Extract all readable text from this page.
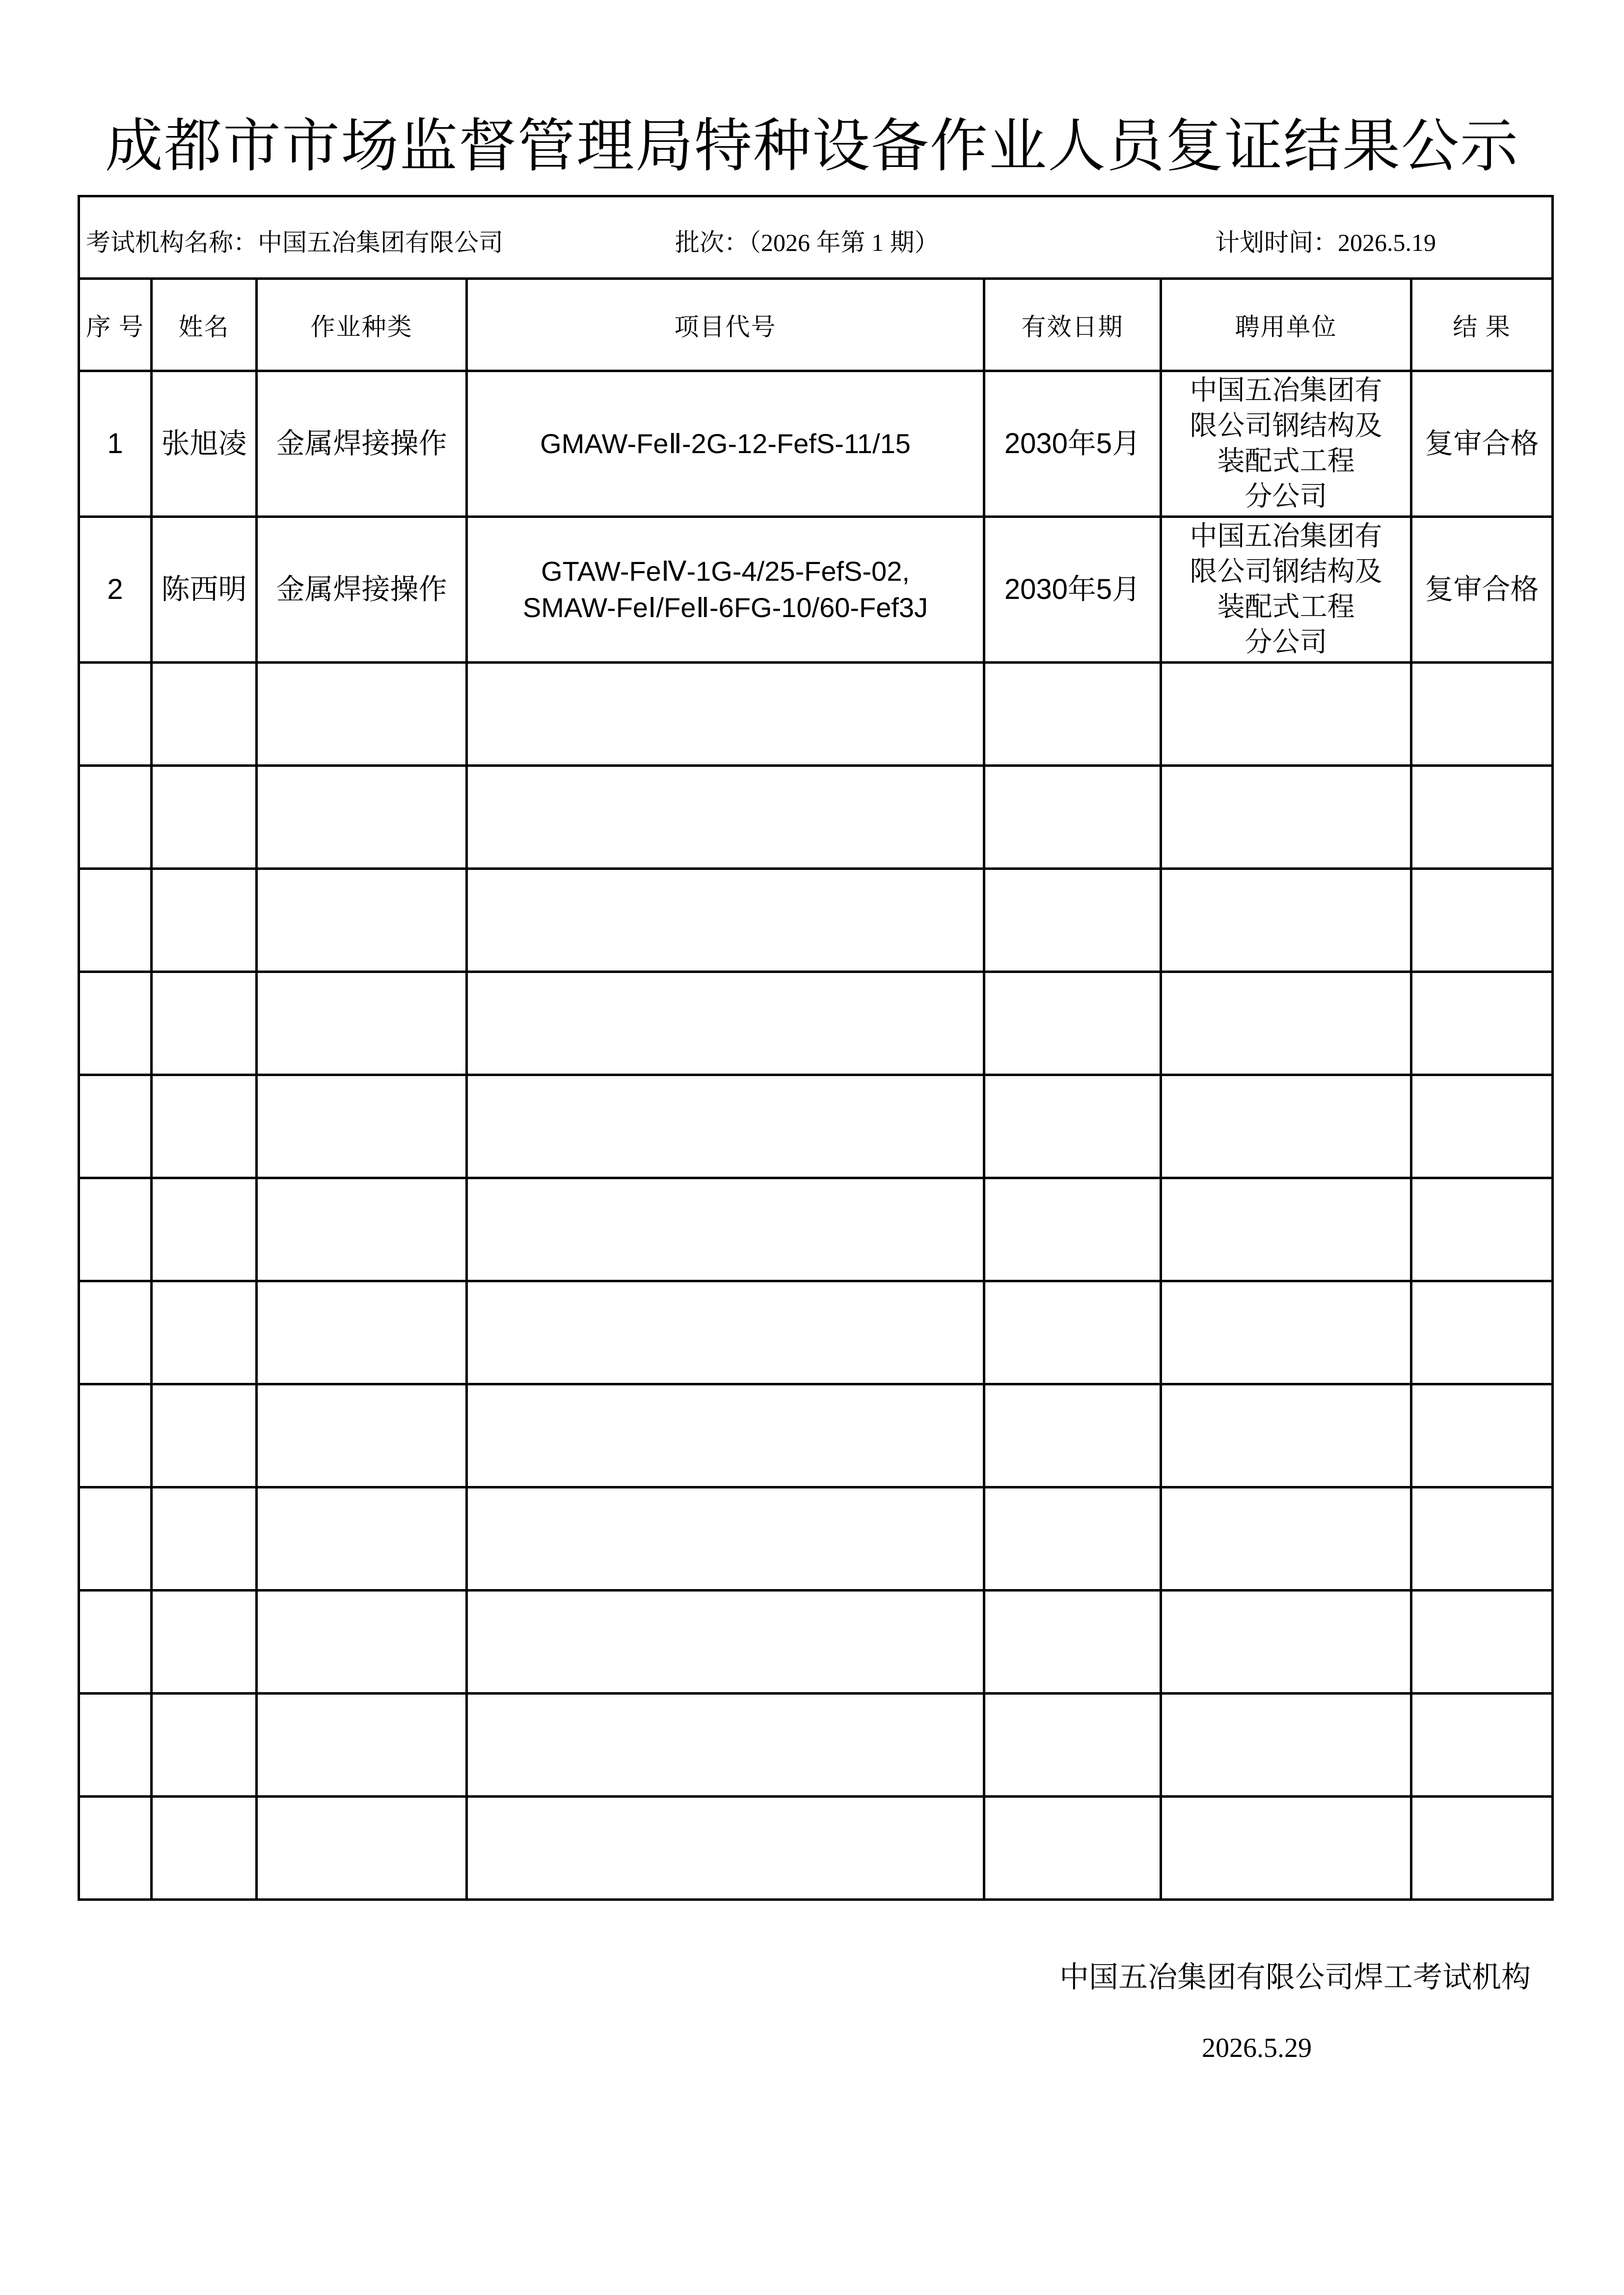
成都市市场监督管理局特种设备作业人员复证结果公示
考试机构名称：中国五冶集团有限公司 批次：（2026 年第 1 期） 计划时间：2026.5.19						

序 号	姓名	作业种类	项目代号	有效日期	聘用单位	结 果
1	张旭凌	金属焊接操作	GMAW-FeⅡ-2G-12-FefS-11/15	2030年5月	中国五冶集团有
限公司钢结构及
装配式工程
分公司	复审合格
2	陈西明	金属焊接操作	GTAW-FeⅣ-1G-4/25-FefS-02,
SMAW-FeⅠ/FeⅡ-6FG-10/60-Fef3J	2030年5月	中国五冶集团有
限公司钢结构及
装配式工程
分公司	复审合格

中国五冶集团有限公司焊工考试机构
2026.5.29
